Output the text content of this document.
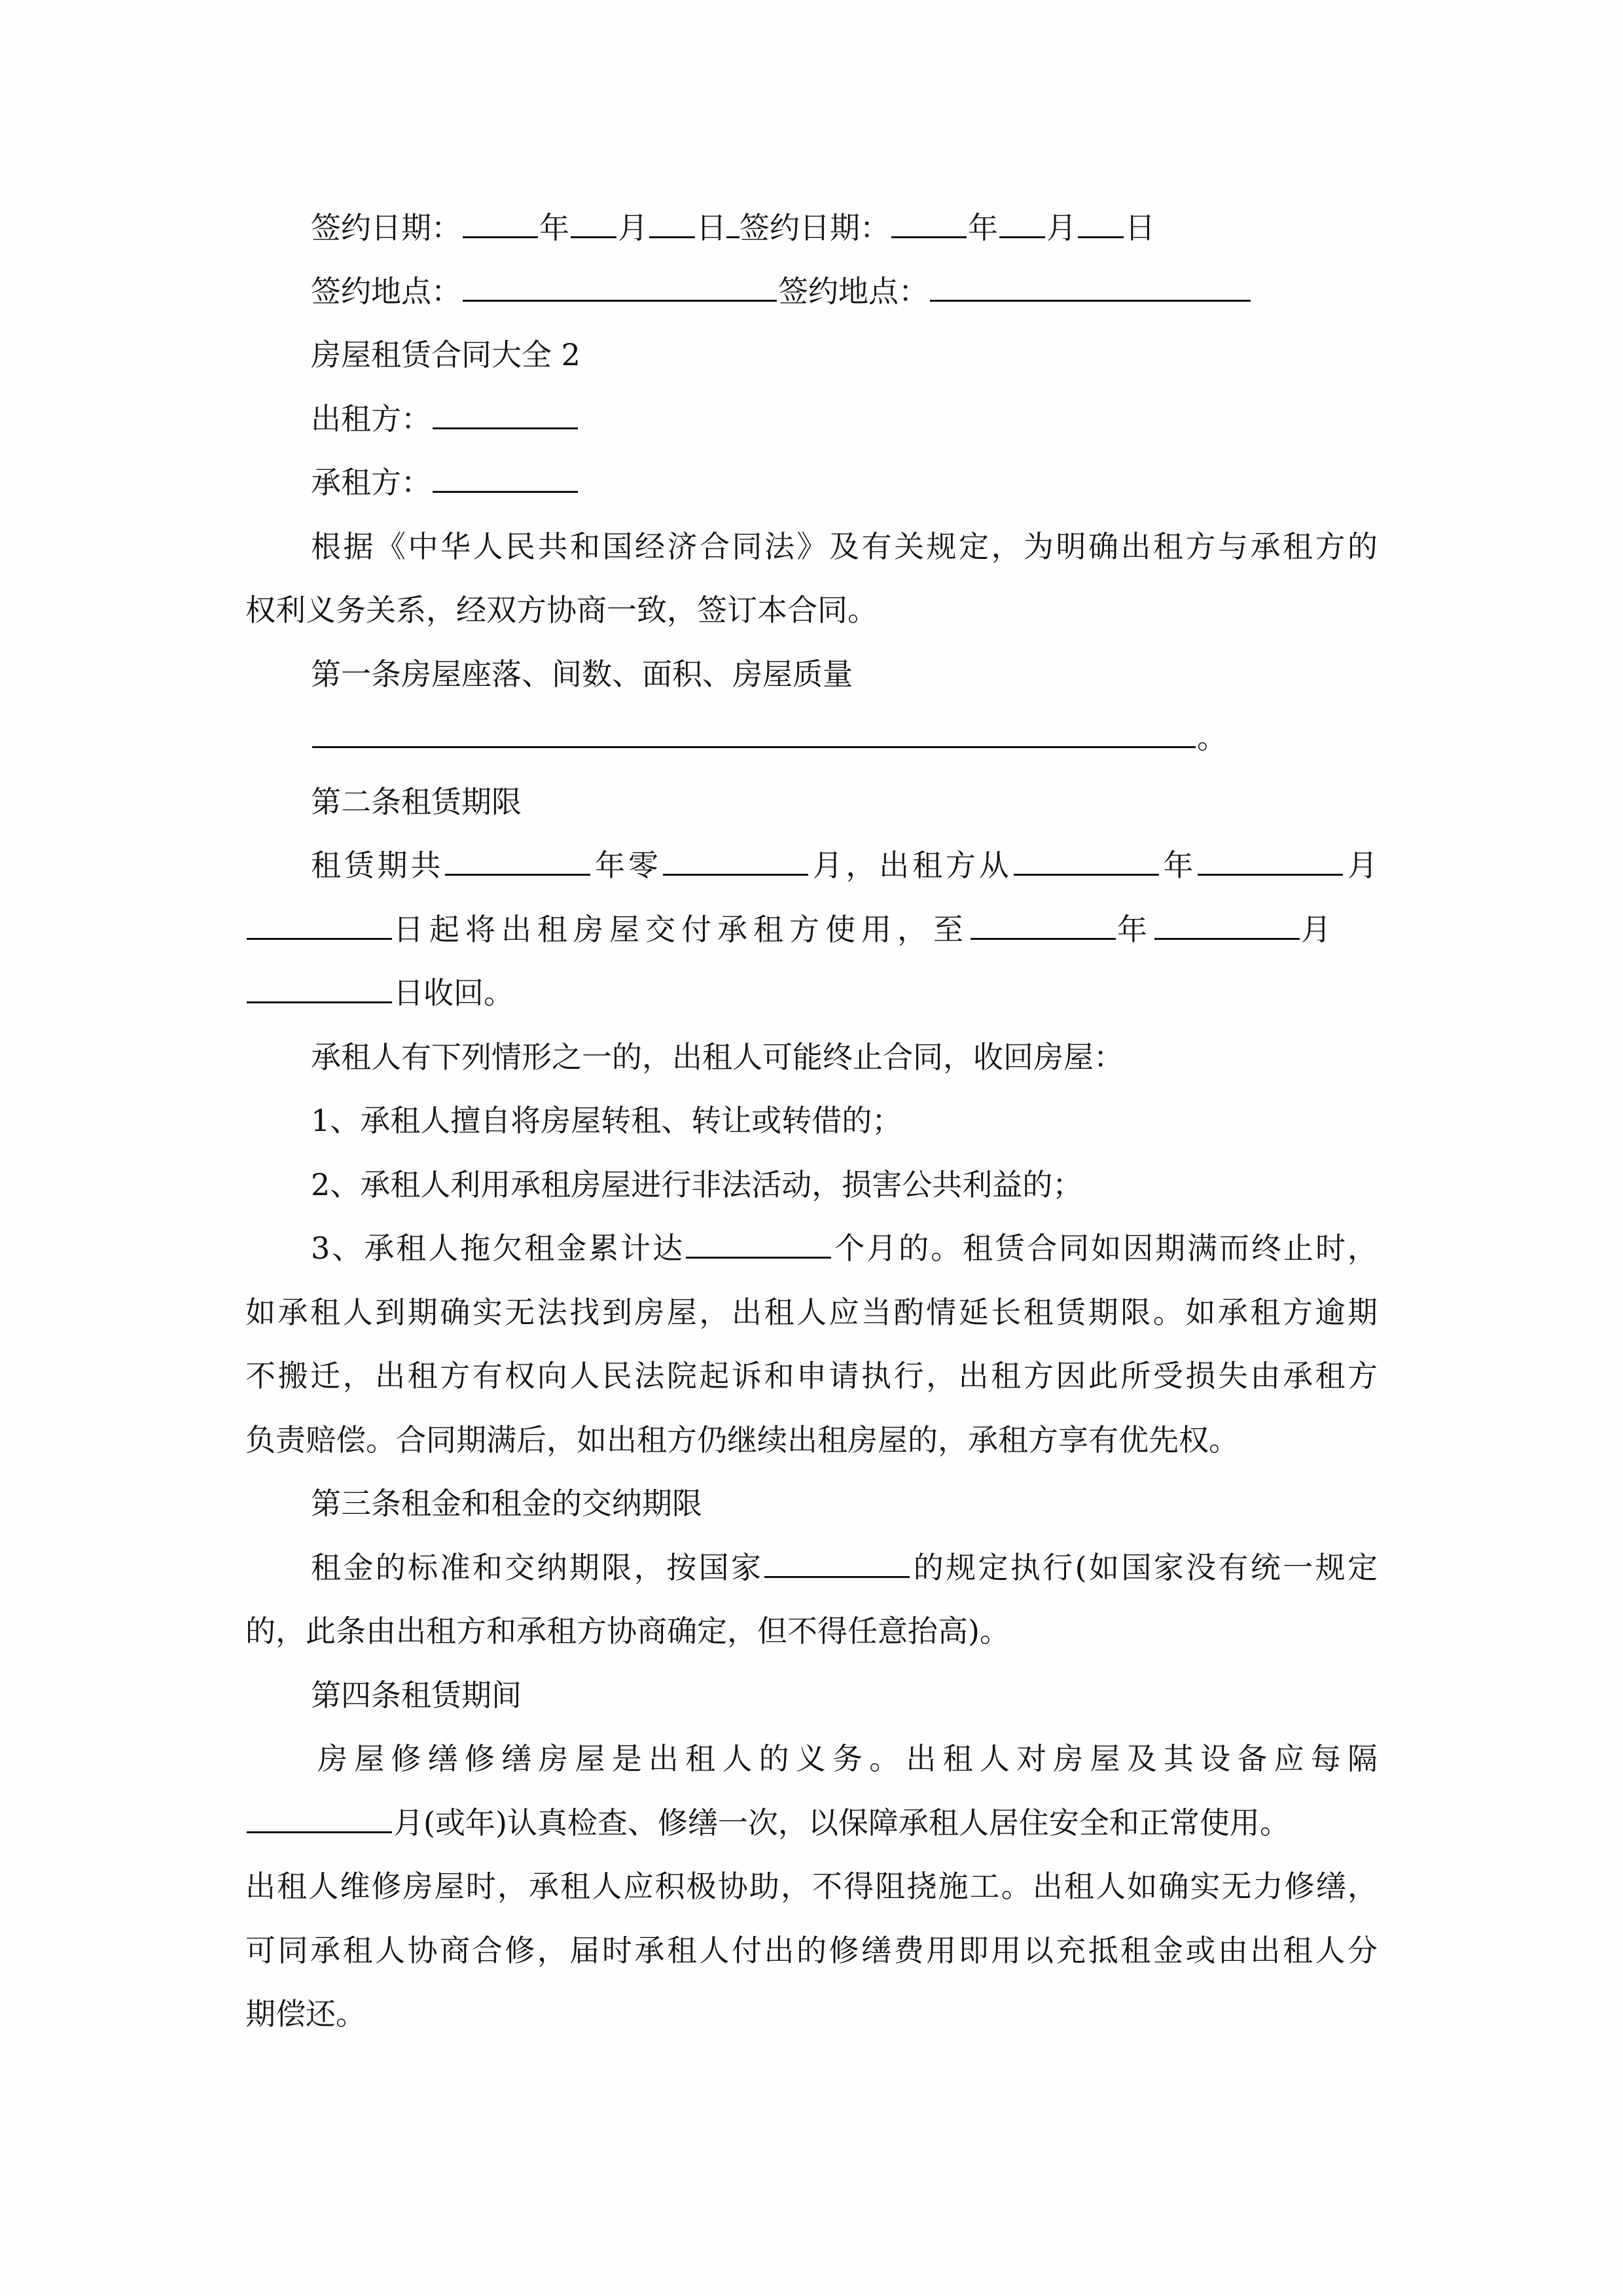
签约日期：	年 月 日 签约日期：	年 月 日
签约地点：	签约地点：
房屋租赁合同大全 2
出租方：
承租方：
根据《中华人民共和国经济合同法》及有关规定，为明确出租方与承租方的
权利义务关系，经双方协商一致，签订本合同。
第一条房屋座落、间数、面积、房屋质量
。
第二条租赁期限
租赁期共	年零	月，出租方从	年	月
日起将出租房屋交付承租方使用，至	年	月
日收回。
承租人有下列情形之一的，出租人可能终止合同，收回房屋：
1、承租人擅自将房屋转租、转让或转借的；
2、承租人利用承租房屋进行非法活动，损害公共利益的；
3、承租人拖欠租金累计达	个月的。租赁合同如因期满而终止时，
如承租人到期确实无法找到房屋，出租人应当酌情延长租赁期限。如承租方逾期
不搬迁，出租方有权向人民法院起诉和申请执行，出租方因此所受损失由承租方
负责赔偿。合同期满后，如出租方仍继续出租房屋的，承租方享有优先权。
第三条租金和租金的交纳期限
租金的标准和交纳期限，按国家	的规定执行(如国家没有统一规定
的，此条由出租方和承租方协商确定，但不得任意抬高)。
第四条租赁期间
房屋修缮修缮房屋是出租人的义务。出租人对房屋及其设备应每隔
月(或年)认真检查、修缮一次，以保障承租人居住安全和正常使用。
出租人维修房屋时，承租人应积极协助，不得阻挠施工。出租人如确实无力修缮，
可同承租人协商合修，届时承租人付出的修缮费用即用以充抵租金或由出租人分
期偿还。
